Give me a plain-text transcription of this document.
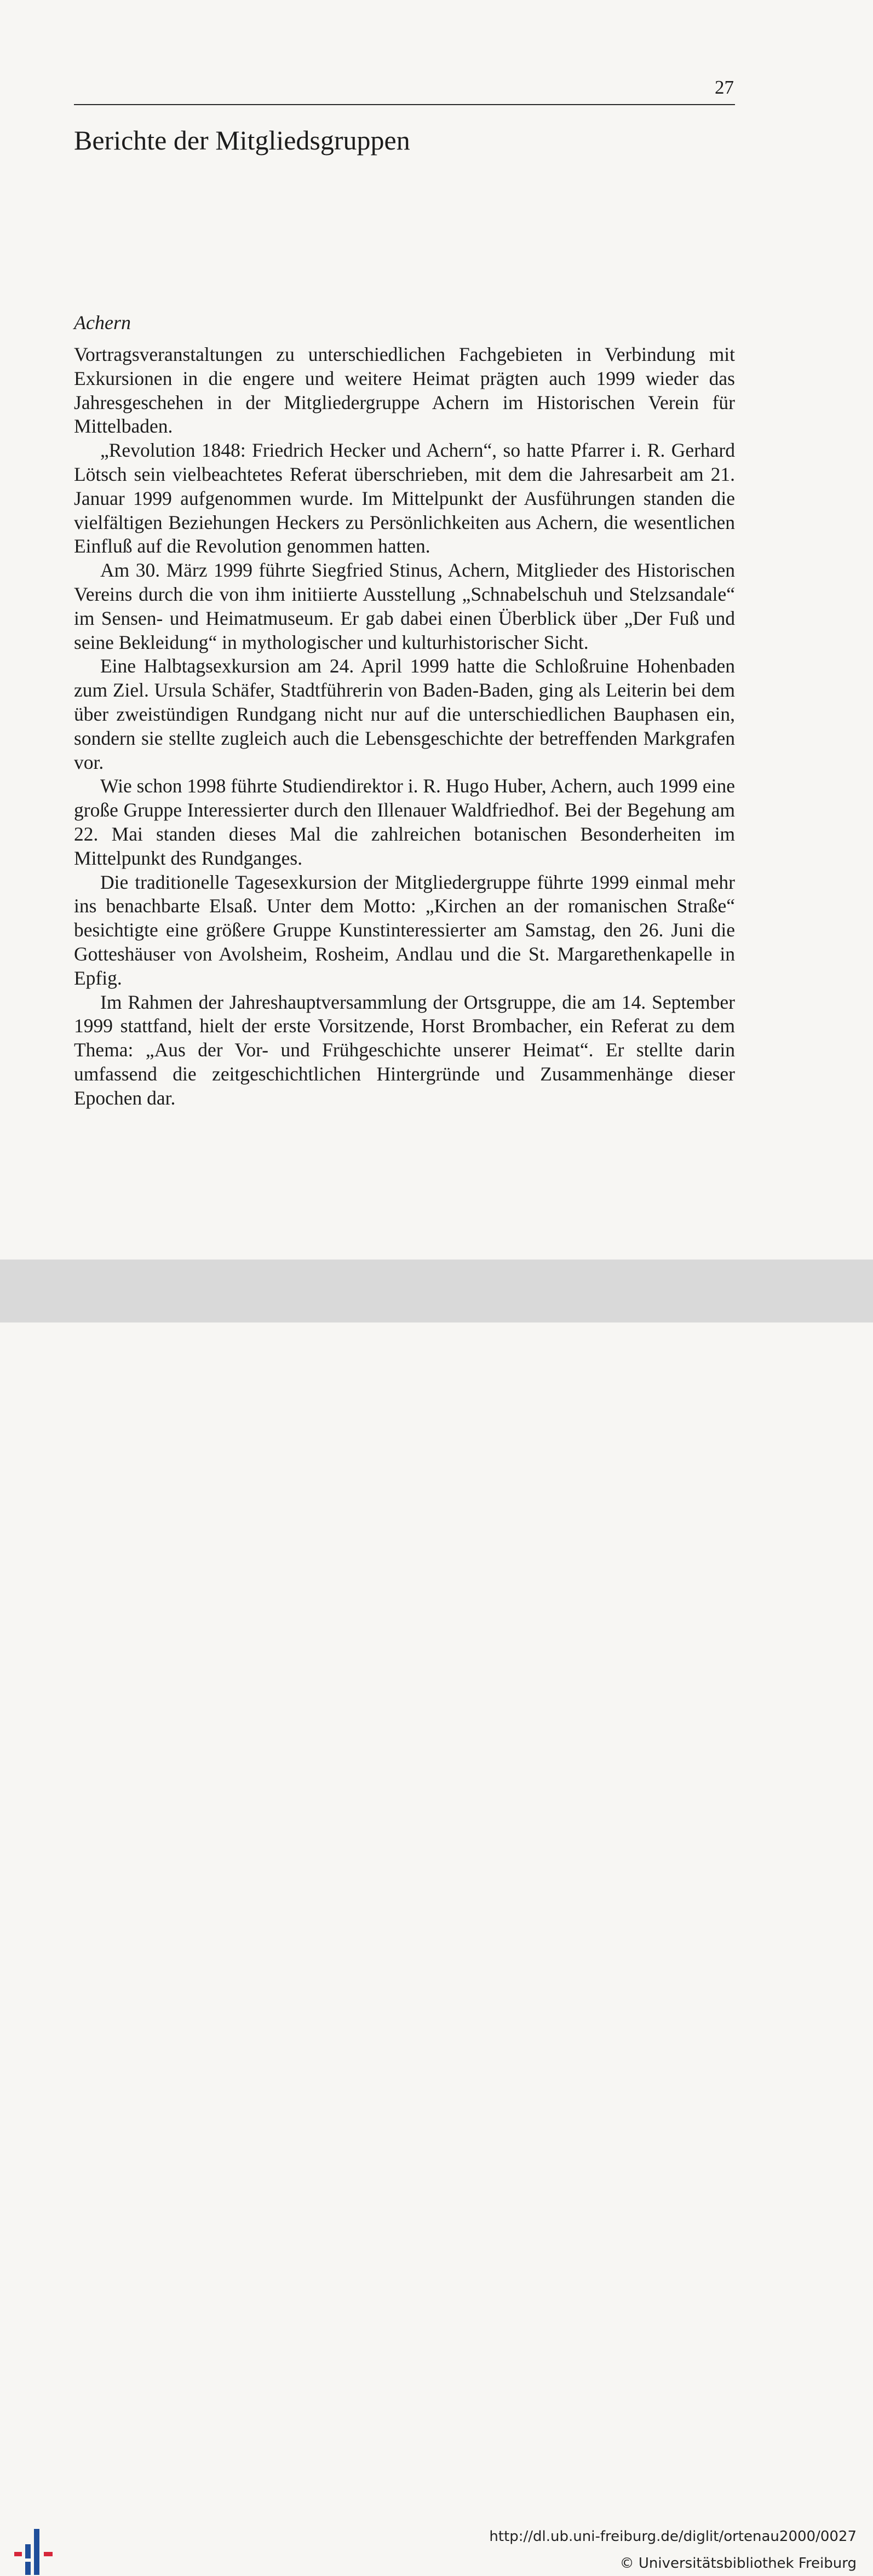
27
Berichte der Mitgliedsgruppen
Achern

Vortragsveranstaltungen zu unterschiedlichen Fachgebieten in Verbindung mit Exkursionen in die engere und weitere Heimat prägten auch 1999 wieder das Jahresgeschehen in der Mitgliedergruppe Achern im Historischen Verein für Mittelbaden.

„Revolution 1848: Friedrich Hecker und Achern“, so hatte Pfarrer i. R. Gerhard Lötsch sein vielbeachtetes Referat überschrieben, mit dem die Jahresarbeit am 21. Januar 1999 aufgenommen wurde. Im Mittelpunkt der Ausführungen standen die vielfältigen Beziehungen Heckers zu Persönlichkeiten aus Achern, die wesentlichen Einfluß auf die Revolution genommen hatten.

Am 30. März 1999 führte Siegfried Stinus, Achern, Mitglieder des Historischen Vereins durch die von ihm initiierte Ausstellung „Schnabelschuh und Stelzsandale“ im Sensen- und Heimatmuseum. Er gab dabei einen Überblick über „Der Fuß und seine Bekleidung“ in mythologischer und kulturhistorischer Sicht.

Eine Halbtagsexkursion am 24. April 1999 hatte die Schloßruine Hohenbaden zum Ziel. Ursula Schäfer, Stadtführerin von Baden-Baden, ging als Leiterin bei dem über zweistündigen Rundgang nicht nur auf die unterschiedlichen Bauphasen ein, sondern sie stellte zugleich auch die Lebensgeschichte der betreffenden Markgrafen vor.

Wie schon 1998 führte Studiendirektor i. R. Hugo Huber, Achern, auch 1999 eine große Gruppe Interessierter durch den Illenauer Waldfriedhof. Bei der Begehung am 22. Mai standen dieses Mal die zahlreichen botanischen Besonderheiten im Mittelpunkt des Rundganges.

Die traditionelle Tagesexkursion der Mitgliedergruppe führte 1999 einmal mehr ins benachbarte Elsaß. Unter dem Motto: „Kirchen an der romanischen Straße“ besichtigte eine größere Gruppe Kunstinteressierter am Samstag, den 26. Juni die Gotteshäuser von Avolsheim, Rosheim, Andlau und die St. Margarethenkapelle in Epfig.

Im Rahmen der Jahreshauptversammlung der Ortsgruppe, die am 14. September 1999 stattfand, hielt der erste Vorsitzende, Horst Brombacher, ein Referat zu dem Thema: „Aus der Vor- und Frühgeschichte unserer Heimat“. Er stellte darin umfassend die zeitgeschichtlichen Hintergründe und Zusammenhänge dieser Epochen dar.

http://dl.ub.uni-freiburg.de/diglit/ortenau2000/0027
© Universitätsbibliothek Freiburg
